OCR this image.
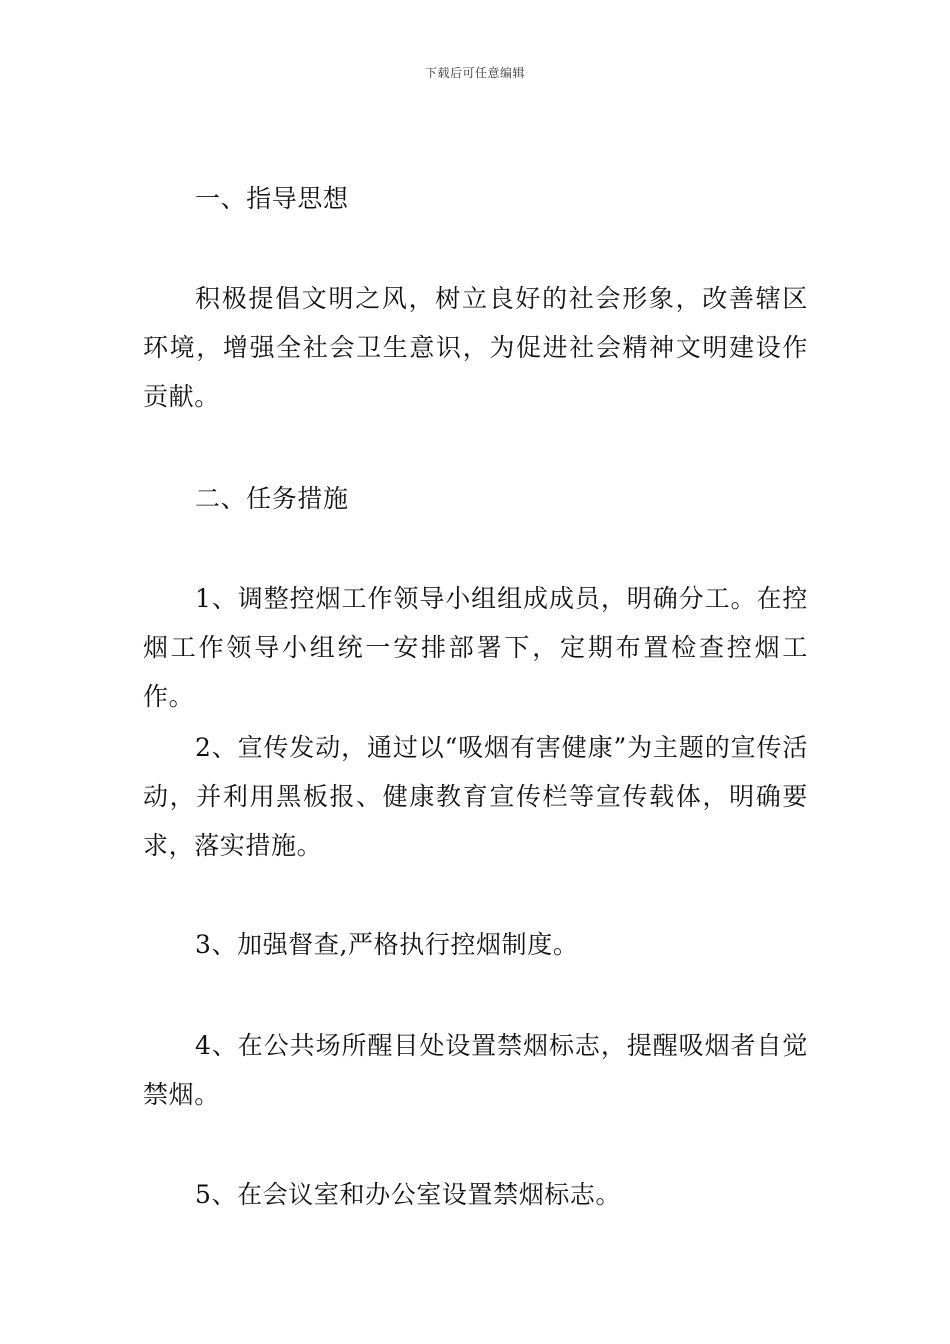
下载后可任意编辑

一、指导思想

积极提倡文明之风，树立良好的社会形象，改善辖区环境，增强全社会卫生意识，为促进社会精神文明建设作贡献。

二、任务措施

1、调整控烟工作领导小组组成成员，明确分工。在控烟工作领导小组统一安排部署下，定期布置检查控烟工作。

2、宣传发动，通过以“吸烟有害健康”为主题的宣传活动，并利用黑板报、健康教育宣传栏等宣传载体，明确要求，落实措施。

3、加强督查,严格执行控烟制度。

4、在公共场所醒目处设置禁烟标志，提醒吸烟者自觉禁烟。

5、在会议室和办公室设置禁烟标志。
